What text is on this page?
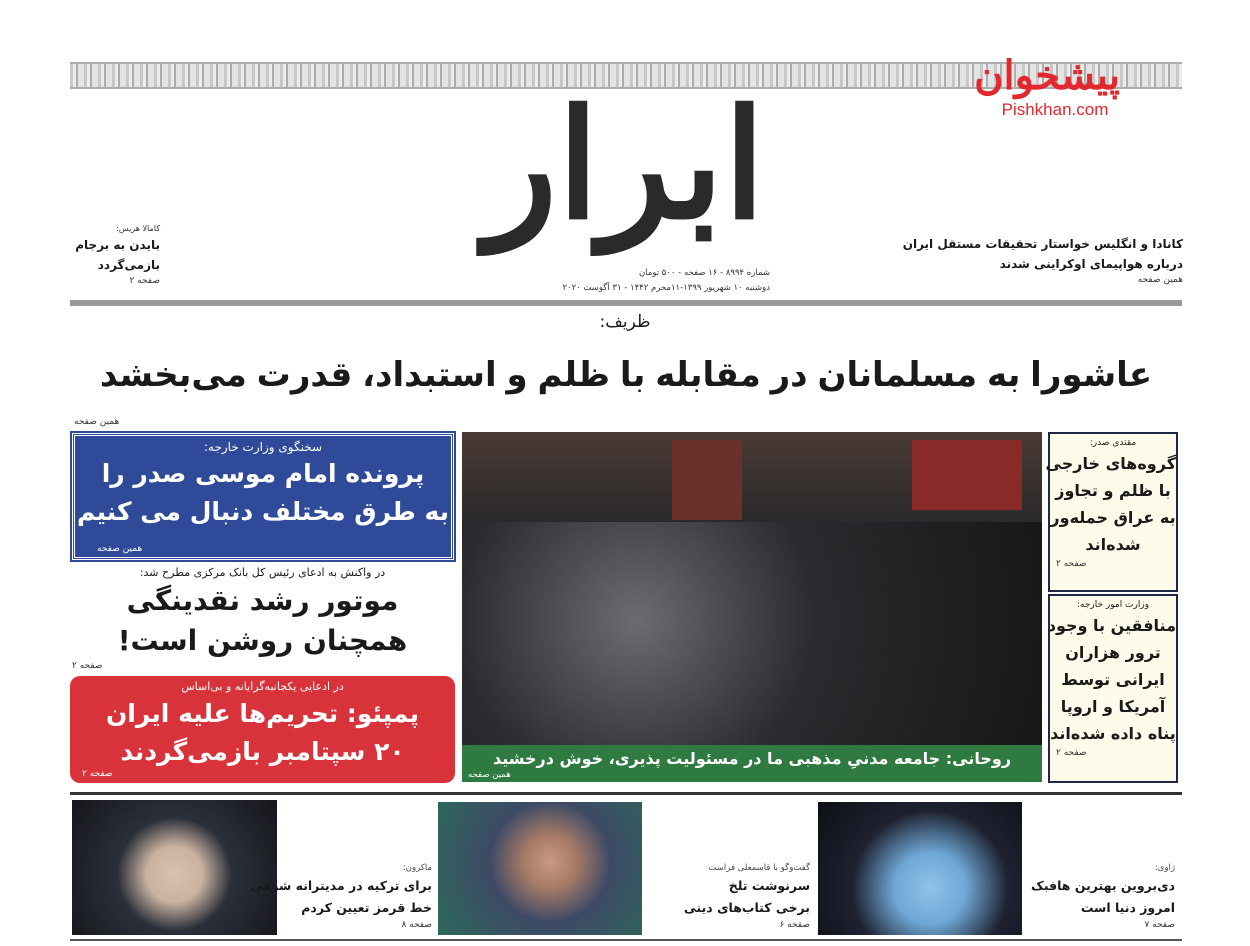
ابرار
پیشخوان
Pishkhan.com
کانادا و انگلیس خواستار تحقیقات مستقل ایران
درباره هواپیمای اوکراینی شدند
همین صفحه
کامالا هریس:
بایدن به برجام
بازمی‌گردد
صفحه ۲
شماره ۸۹۹۴ - ۱۶ صفحه - ۵۰۰ تومان
دوشنبه ۱۰ شهریور ۱۳۹۹-۱۱محرم ۱۴۴۲ - ۳۱ آگوست ۲۰۲۰
ظریف:
عاشورا به مسلمانان در مقابله با ظلم و استبداد، قدرت می‌بخشد
همین صفحه
سخنگوی وزارت خارجه:
پرونده امام موسی صدر را
به طرق مختلف دنبال می کنیم
همین صفحه
در واکنش به ادعای رئیس کل بانک مرکزی مطرح شد:
موتور رشد نقدینگی
همچنان روشن است!
صفحه ۲
در ادعایی یکجانبه‌گرایانه و بی‌اساس
پمپئو: تحریم‌ها علیه ایران
۲۰ سپتامبر بازمی‌گردند
صفحه ۲
روحانی: جامعه مدنیِ مذهبی ما در مسئولیت پذیری، خوش درخشید
همین صفحه
مقتدی صدر:
گروه‌های خارجی
با ظلم و تجاوز
به عراق حمله‌ور
شده‌اند
صفحه ۲
وزارت امور خارجه:
منافقین با وجود
ترور هزاران
ایرانی توسط
آمریکا و اروپا
پناه داده شده‌اند
صفحه ۲
ماکرون:
برای ترکیه در مدیترانه شرقی
خط قرمز تعیین کردم
صفحه ۸
گفت‌وگو با قاسمعلی فراست
سرنوشت تلخ
برخی کتاب‌های دینی
صفحه ۶
ژاوی:
دی‌بروین بهترین هافبک
امروز دنیا است
صفحه ۷
